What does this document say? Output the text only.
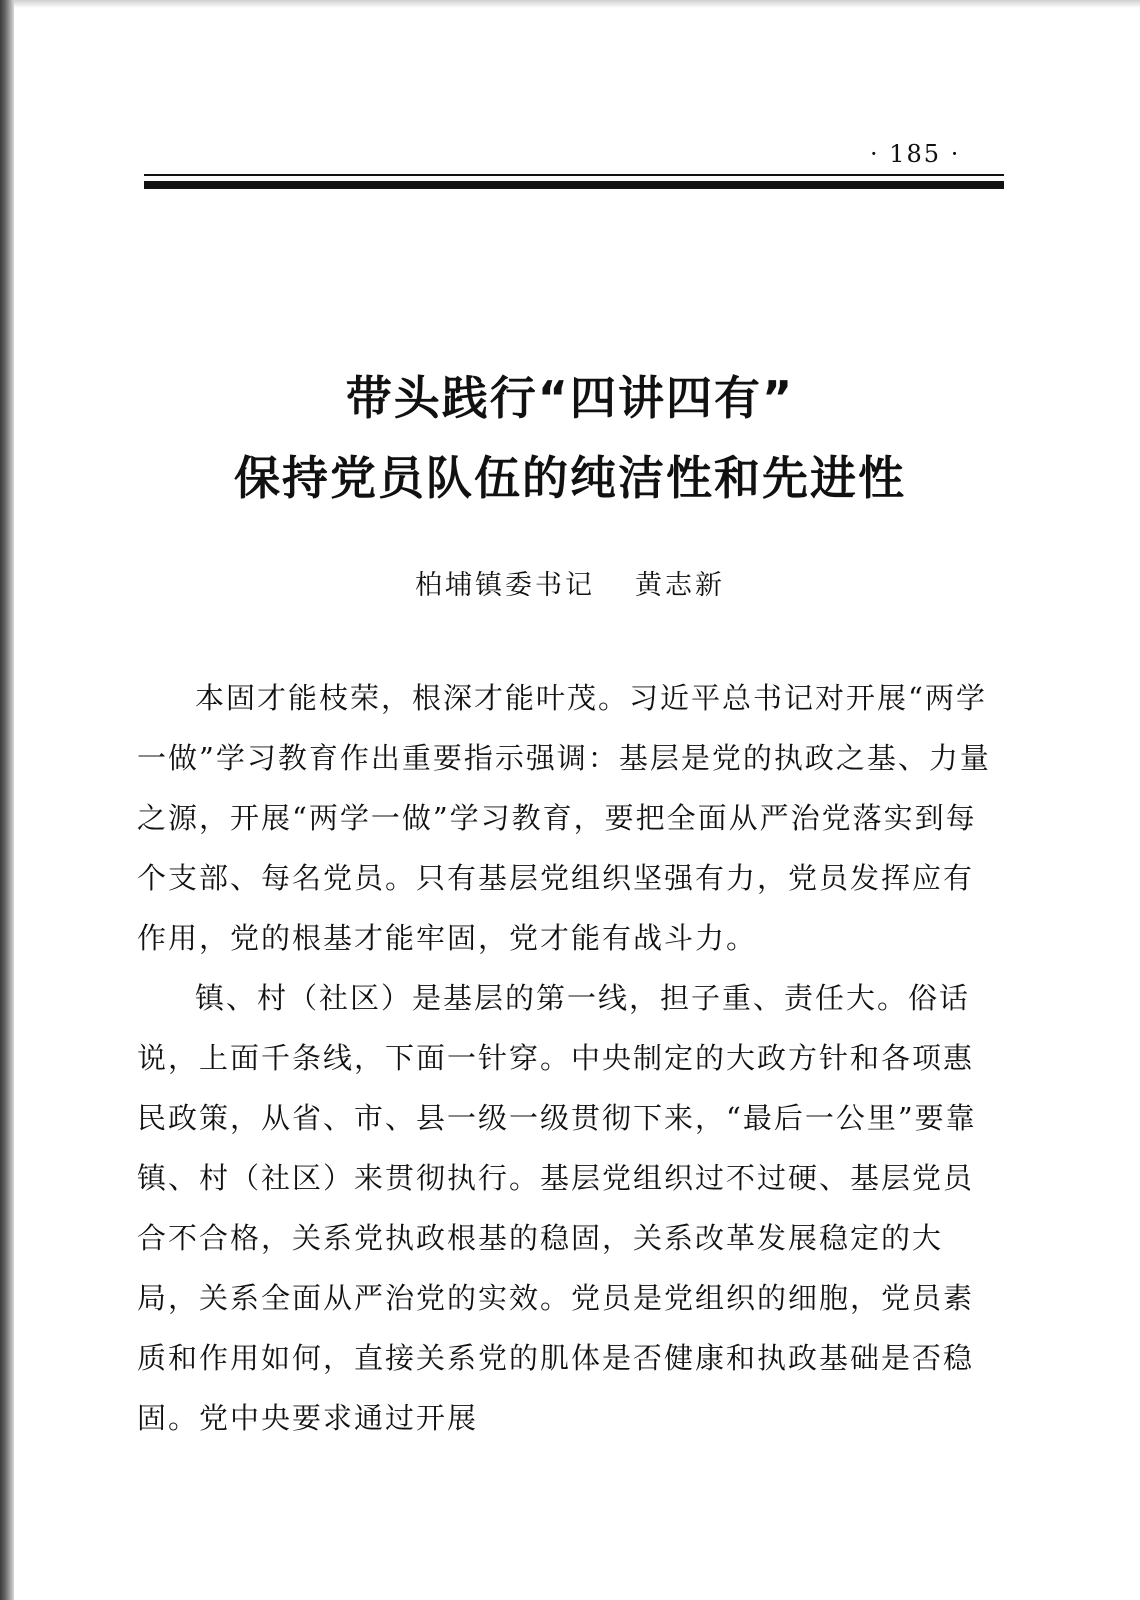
· 185 ·
带头践行“四讲四有”
保持党员队伍的纯洁性和先进性
柏埔镇委书记 黄志新

本固才能枝荣，根深才能叶茂。习近平总书记对开展“两学一做”学习教育作出重要指示强调：基层是党的执政之基、力量之源，开展“两学一做”学习教育，要把全面从严治党落实到每个支部、每名党员。只有基层党组织坚强有力，党员发挥应有作用，党的根基才能牢固，党才能有战斗力。

镇、村（社区）是基层的第一线，担子重、责任大。俗话说，上面千条线，下面一针穿。中央制定的大政方针和各项惠民政策，从省、市、县一级一级贯彻下来，“最后一公里”要靠镇、村（社区）来贯彻执行。基层党组织过不过硬、基层党员合不合格，关系党执政根基的稳固，关系改革发展稳定的大局，关系全面从严治党的实效。党员是党组织的细胞，党员素质和作用如何，直接关系党的肌体是否健康和执政基础是否稳固。党中央要求通过开展
